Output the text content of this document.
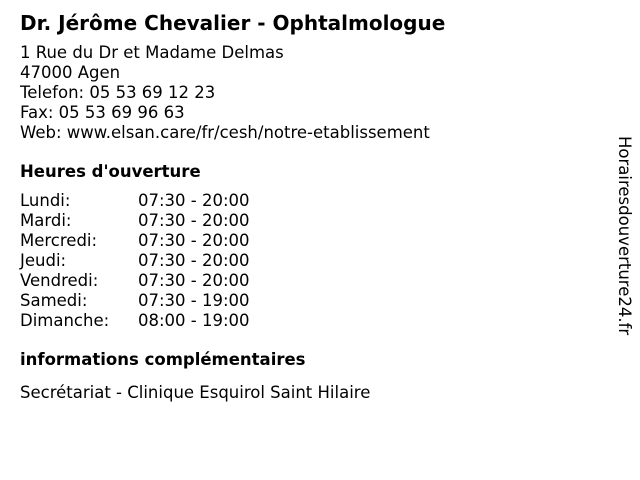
Dr. Jérôme Chevalier - Ophtalmologue
1 Rue du Dr et Madame Delmas
47000 Agen
Telefon: 05 53 69 12 23
Fax: 05 53 69 96 63
Web: www.elsan.care/fr/cesh/notre-etablissement
Heures d'ouverture
Lundi:	07:30 - 20:00
Mardi:	07:30 - 20:00
Mercredi: 07:30 - 20:00
Jeudi:	07:30 - 20:00
Vendredi: 07:30 - 20:00
Samedi:	07:30 - 19:00
Dimanche: 08:00 - 19:00
informations complémentaires
Secrétariat - Clinique Esquirol Saint Hilaire
Horairesdouverture24.fr
